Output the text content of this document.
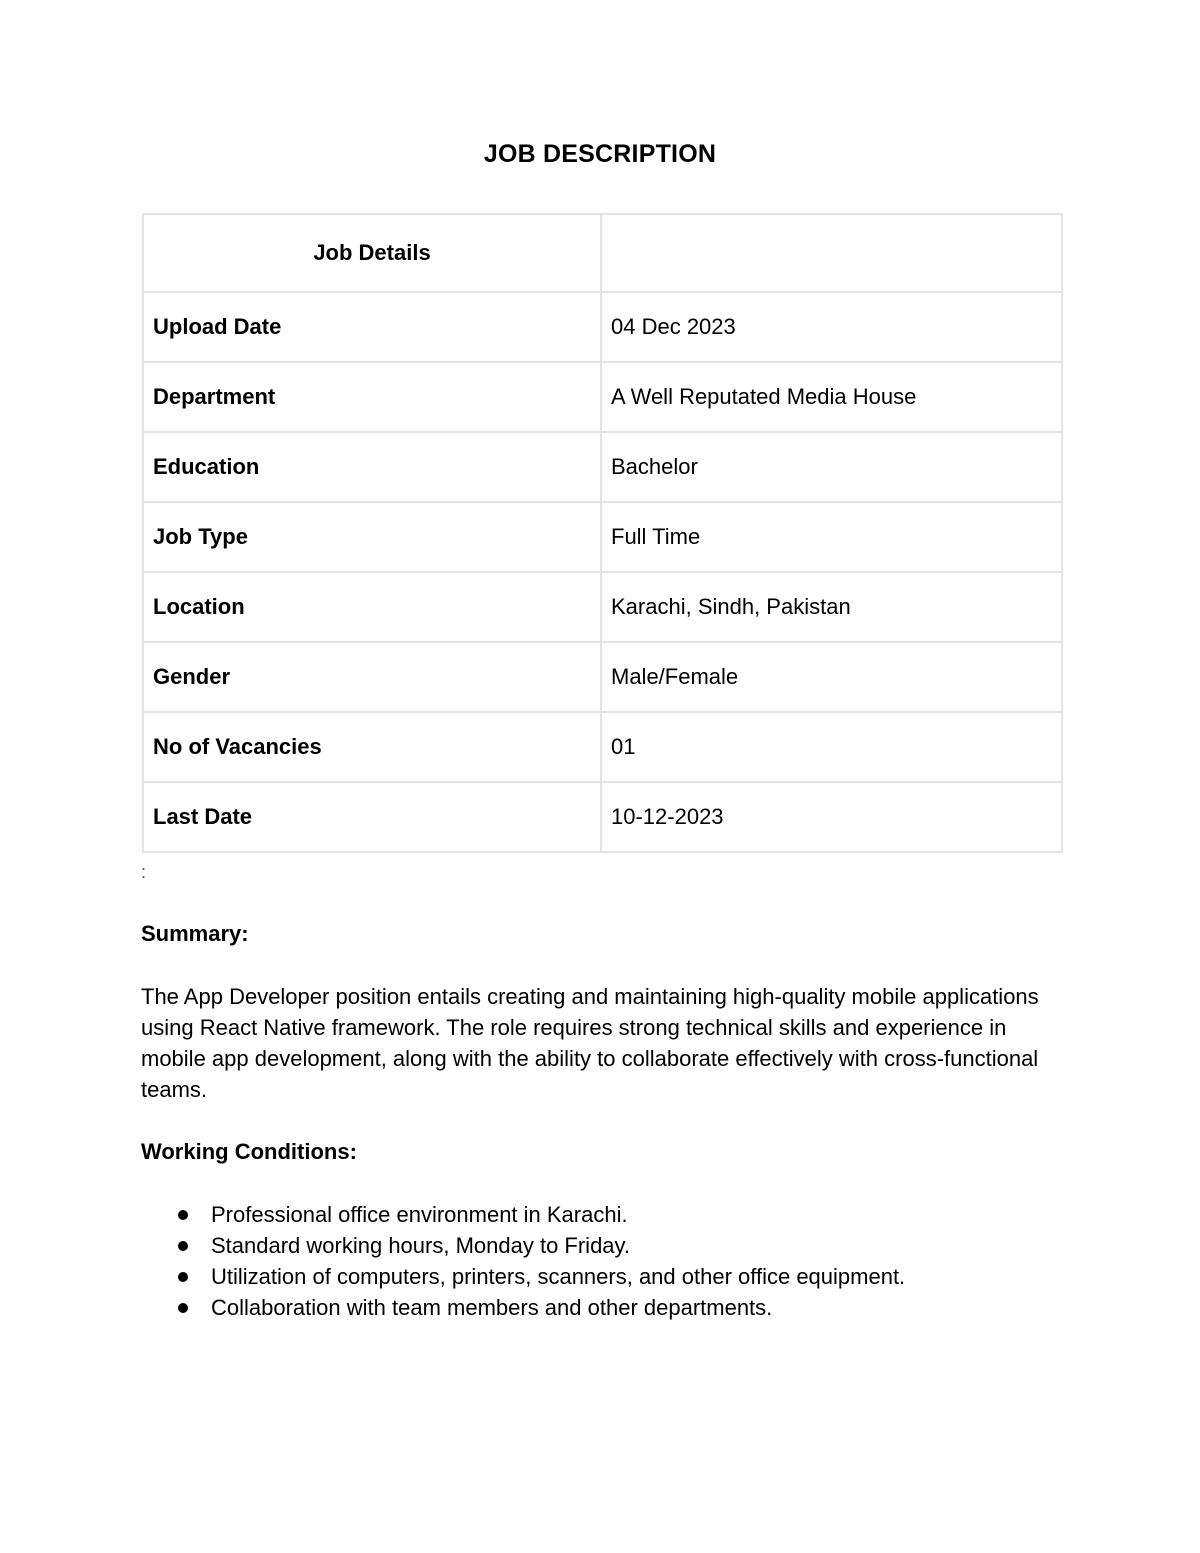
JOB DESCRIPTION
Job Details	
Upload Date	04 Dec 2023
Department	A Well Reputated Media House
Education	Bachelor
Job Type	Full Time
Location	Karachi, Sindh, Pakistan
Gender	Male/Female
No of Vacancies	01
Last Date	10-12-2023
:
Summary:

The App Developer position entails creating and maintaining high-quality mobile applications using React Native framework. The role requires strong technical skills and experience in mobile app development, along with the ability to collaborate effectively with cross-functional teams.

Working Conditions:
Professional office environment in Karachi.
Standard working hours, Monday to Friday.
Utilization of computers, printers, scanners, and other office equipment.
Collaboration with team members and other departments.
